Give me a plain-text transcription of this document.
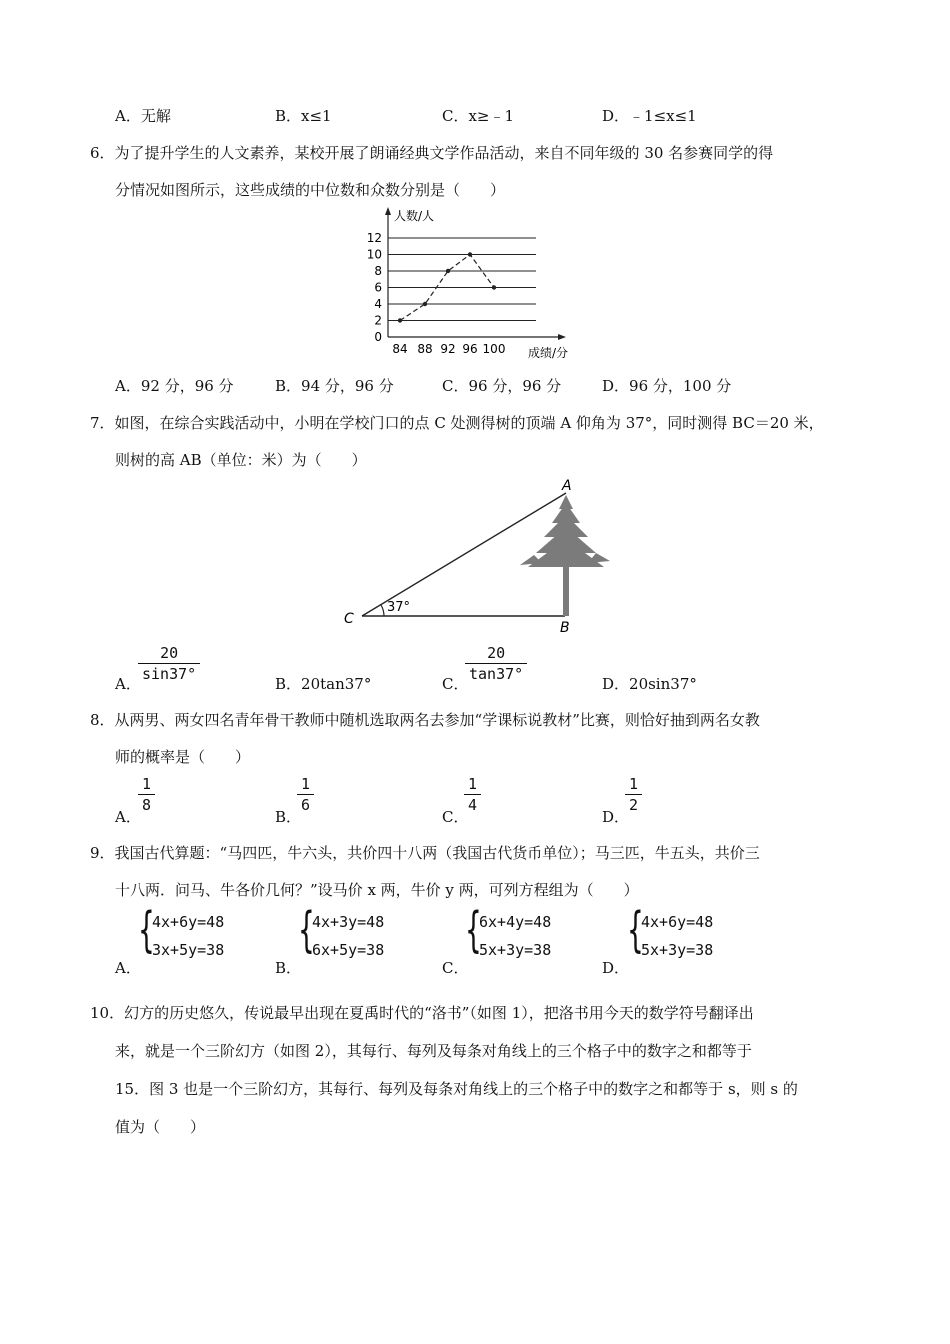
A．无解	B．x≤1	C．x≥﹣1	D．﹣1≤x≤1
6．为了提升学生的人文素养，某校开展了朗诵经典文学作品活动，来自不同年级的 30 名参赛同学的得
分情况如图所示，这些成绩的中位数和众数分别是（　　）
0
2
4
6
8
10
12
84 88 92 96 100
人数/人
成绩/分
A．92 分，96 分	B．94 分，96 分	C．96 分，96 分	D．96 分，100 分
7．如图，在综合实践活动中，小明在学校门口的点 C 处测得树的顶端 A 仰角为 37°，同时测得 BC＝20 米，
则树的高 AB（单位：米）为（　　）
A
B
C
37°
A．
20
sin37°
B．20tan37°	C．
20
tan37°
D．20sin37°
8．从两男、两女四名青年骨干教师中随机选取两名去参加“学课标说教材”比赛，则恰好抽到两名女教
师的概率是（　　）
A．
1
8
B．
1
6
C．
1
4
D．
1
2
9．我国古代算题：“马四匹，牛六头，共价四十八两（我国古代货币单位）；马三匹，牛五头，共价三
十八两．问马、牛各价几何？”设马价 x 两，牛价 y 两，可列方程组为（　　）
A．
{
4x+6y=48
3x+5y=38
B．
{
4x+3y=48
6x+5y=38
C．
{
6x+4y=48
5x+3y=38
D．
{
4x+6y=48
5x+3y=38
10．幻方的历史悠久，传说最早出现在夏禹时代的“洛书”（如图 1），把洛书用今天的数学符号翻译出
来，就是一个三阶幻方（如图 2），其每行、每列及每条对角线上的三个格子中的数字之和都等于
15．图 3 也是一个三阶幻方，其每行、每列及每条对角线上的三个格子中的数字之和都等于 s，则 s 的
值为（　　）
